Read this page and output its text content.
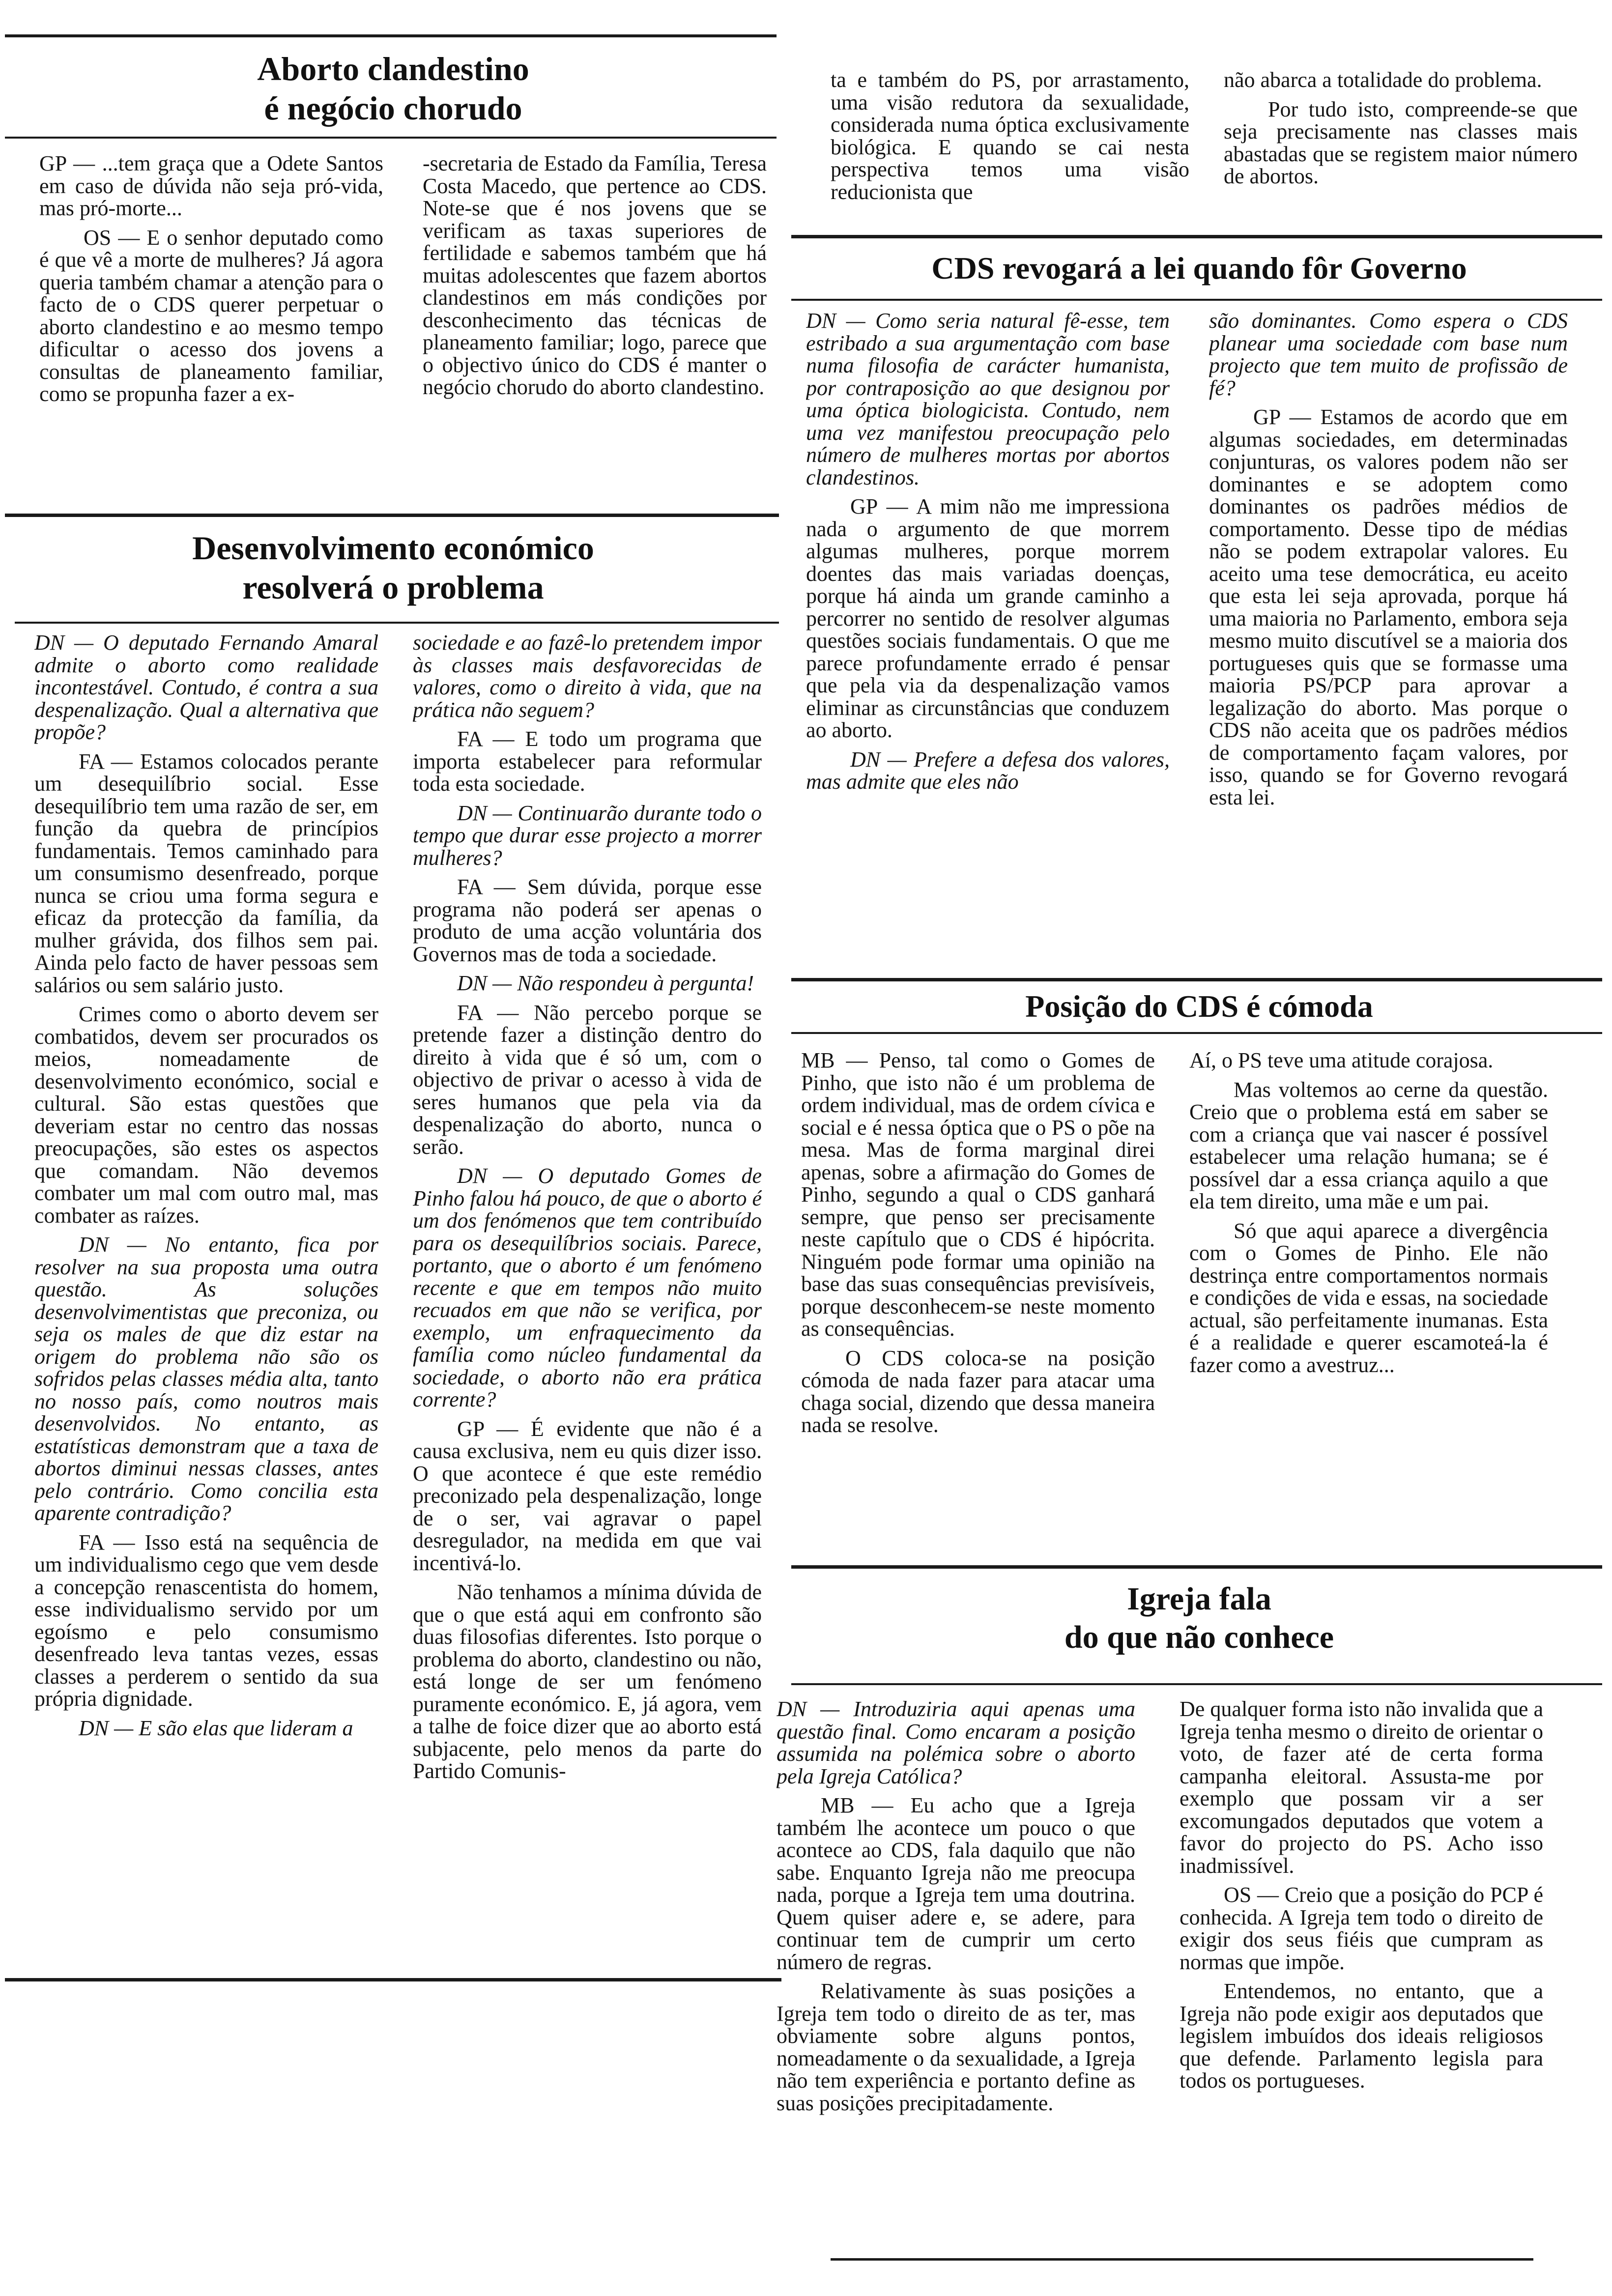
Aborto clandestino
é negócio chorudo

GP — ...tem graça que a Odete Santos em caso de dúvida não seja pró-vida, mas pró-morte...

OS — E o senhor deputado como é que vê a morte de mulheres? Já agora queria também chamar a atenção para o facto de o CDS querer perpetuar o aborto clandestino e ao mesmo tempo dificultar o acesso dos jovens a consultas de planeamento familiar, como se propunha fazer a ex-

-secretaria de Estado da Família, Teresa Costa Macedo, que pertence ao CDS. Note-se que é nos jovens que se verificam as taxas superiores de fertilidade e sabemos também que há muitas adolescentes que fazem abortos clandestinos em más condições por desconhecimento das técnicas de planeamento familiar; logo, parece que o objectivo único do CDS é manter o negócio chorudo do aborto clandestino.

Desenvolvimento económico
resolverá o problema

DN — O deputado Fernando Amaral admite o aborto como realidade incontestável. Contudo, é contra a sua despenalização. Qual a alternativa que propõe?

FA — Estamos colocados perante um desequilíbrio social. Esse desequilíbrio tem uma razão de ser, em função da quebra de princípios fundamentais. Temos caminhado para um consumismo desenfreado, porque nunca se criou uma forma segura e eficaz da protecção da família, da mulher grávida, dos filhos sem pai. Ainda pelo facto de haver pessoas sem salários ou sem salário justo.

Crimes como o aborto devem ser combatidos, devem ser procurados os meios, nomeadamente de desenvolvimento económico, social e cultural. São estas questões que deveriam estar no centro das nossas preocupações, são estes os aspectos que comandam. Não devemos combater um mal com outro mal, mas combater as raízes.

DN — No entanto, fica por resolver na sua proposta uma outra questão. As soluções desenvolvimentistas que preconiza, ou seja os males de que diz estar na origem do problema não são os sofridos pelas classes média alta, tanto no nosso país, como noutros mais desenvolvidos. No entanto, as estatísticas demonstram que a taxa de abortos diminui nessas classes, antes pelo contrário. Como concilia esta aparente contradição?

FA — Isso está na sequência de um individualismo cego que vem desde a concepção renascentista do homem, esse individualismo servido por um egoísmo e pelo consumismo desenfreado leva tantas vezes, essas classes a perderem o sentido da sua própria dignidade.

DN — E são elas que lideram a

sociedade e ao fazê-lo pretendem impor às classes mais desfavorecidas de valores, como o direito à vida, que na prática não seguem?

FA — E todo um programa que importa estabelecer para reformular toda esta sociedade.

DN — Continuarão durante todo o tempo que durar esse projecto a morrer mulheres?

FA — Sem dúvida, porque esse programa não poderá ser apenas o produto de uma acção voluntária dos Governos mas de toda a sociedade.

DN — Não respondeu à pergunta!

FA — Não percebo porque se pretende fazer a distinção dentro do direito à vida que é só um, com o objectivo de privar o acesso à vida de seres humanos que pela via da despenalização do aborto, nunca o serão.

DN — O deputado Gomes de Pinho falou há pouco, de que o aborto é um dos fenómenos que tem contribuído para os desequilíbrios sociais. Parece, portanto, que o aborto é um fenómeno recente e que em tempos não muito recuados em que não se verifica, por exemplo, um enfraquecimento da família como núcleo fundamental da sociedade, o aborto não era prática corrente?

GP — É evidente que não é a causa exclusiva, nem eu quis dizer isso. O que acontece é que este remédio preconizado pela despenalização, longe de o ser, vai agravar o papel desregulador, na medida em que vai incentivá-lo.

Não tenhamos a mínima dúvida de que o que está aqui em confronto são duas filosofias diferentes. Isto porque o problema do aborto, clandestino ou não, está longe de ser um fenómeno puramente económico. E, já agora, vem a talhe de foice dizer que ao aborto está subjacente, pelo menos da parte do Partido Comunis-

ta e também do PS, por arrastamento, uma visão redutora da sexualidade, considerada numa óptica exclusivamente biológica. E quando se cai nesta perspectiva temos uma visão reducionista que

não abarca a totalidade do problema.

Por tudo isto, compreende-se que seja precisamente nas classes mais abastadas que se registem maior número de abortos.

CDS revogará a lei quando fôr Governo

DN — Como seria natural fê-esse, tem estribado a sua argumentação com base numa filosofia de carácter humanista, por contraposição ao que designou por uma óptica biologicista. Contudo, nem uma vez manifestou preocupação pelo número de mulheres mortas por abortos clandestinos.

GP — A mim não me impressiona nada o argumento de que morrem algumas mulheres, porque morrem doentes das mais variadas doenças, porque há ainda um grande caminho a percorrer no sentido de resolver algumas questões sociais fundamentais. O que me parece profundamente errado é pensar que pela via da despenalização vamos eliminar as circunstâncias que conduzem ao aborto.

DN — Prefere a defesa dos valores, mas admite que eles não

são dominantes. Como espera o CDS planear uma sociedade com base num projecto que tem muito de profissão de fé?

GP — Estamos de acordo que em algumas sociedades, em determinadas conjunturas, os valores podem não ser dominantes e se adoptem como dominantes os padrões médios de comportamento. Desse tipo de médias não se podem extrapolar valores. Eu aceito uma tese democrática, eu aceito que esta lei seja aprovada, porque há uma maioria no Parlamento, embora seja mesmo muito discutível se a maioria dos portugueses quis que se formasse uma maioria PS/PCP para aprovar a legalização do aborto. Mas porque o CDS não aceita que os padrões médios de comportamento façam valores, por isso, quando se for Governo revogará esta lei.

Posição do CDS é cómoda

MB — Penso, tal como o Gomes de Pinho, que isto não é um problema de ordem individual, mas de ordem cívica e social e é nessa óptica que o PS o põe na mesa. Mas de forma marginal direi apenas, sobre a afirmação do Gomes de Pinho, segundo a qual o CDS ganhará sempre, que penso ser precisamente neste capítulo que o CDS é hipócrita. Ninguém pode formar uma opinião na base das suas consequências previsíveis, porque desconhecem-se neste momento as consequências.

O CDS coloca-se na posição cómoda de nada fazer para atacar uma chaga social, dizendo que dessa maneira nada se resolve.

Aí, o PS teve uma atitude corajosa.

Mas voltemos ao cerne da questão. Creio que o problema está em saber se com a criança que vai nascer é possível estabelecer uma relação humana; se é possível dar a essa criança aquilo a que ela tem direito, uma mãe e um pai.

Só que aqui aparece a divergência com o Gomes de Pinho. Ele não destrinça entre comportamentos normais e condições de vida e essas, na sociedade actual, são perfeitamente inumanas. Esta é a realidade e querer escamoteá-la é fazer como a avestruz...

Igreja fala
do que não conhece

DN — Introduziria aqui apenas uma questão final. Como encaram a posição assumida na polémica sobre o aborto pela Igreja Católica?

MB — Eu acho que a Igreja também lhe acontece um pouco o que acontece ao CDS, fala daquilo que não sabe. Enquanto Igreja não me preocupa nada, porque a Igreja tem uma doutrina. Quem quiser adere e, se adere, para continuar tem de cumprir um certo número de regras.

Relativamente às suas posições a Igreja tem todo o direito de as ter, mas obviamente sobre alguns pontos, nomeadamente o da sexualidade, a Igreja não tem experiência e portanto define as suas posições precipitadamente.

De qualquer forma isto não invalida que a Igreja tenha mesmo o direito de orientar o voto, de fazer até de certa forma campanha eleitoral. Assusta-me por exemplo que possam vir a ser excomungados deputados que votem a favor do projecto do PS. Acho isso inadmissível.

OS — Creio que a posição do PCP é conhecida. A Igreja tem todo o direito de exigir dos seus fiéis que cumpram as normas que impõe.

Entendemos, no entanto, que a Igreja não pode exigir aos deputados que legislem imbuídos dos ideais religiosos que defende. Parlamento legisla para todos os portugueses.
